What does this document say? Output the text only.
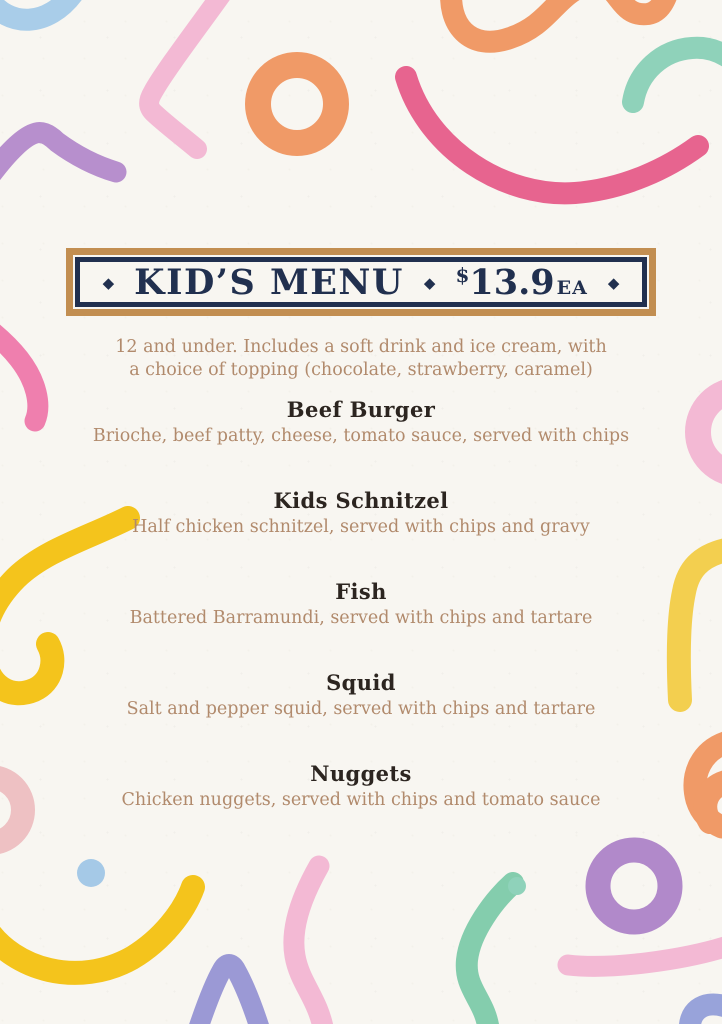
◆ KID’S MENU ◆ $ 13.9 EA ◆
12 and under. Includes a soft drink and ice cream, with
a choice of topping (chocolate, strawberry, caramel)
Beef Burger

Brioche, beef patty, cheese, tomato sauce, served with chips

Kids Schnitzel

Half chicken schnitzel, served with chips and gravy

Fish

Battered Barramundi, served with chips and tartare

Squid

Salt and pepper squid, served with chips and tartare

Nuggets

Chicken nuggets, served with chips and tomato sauce
